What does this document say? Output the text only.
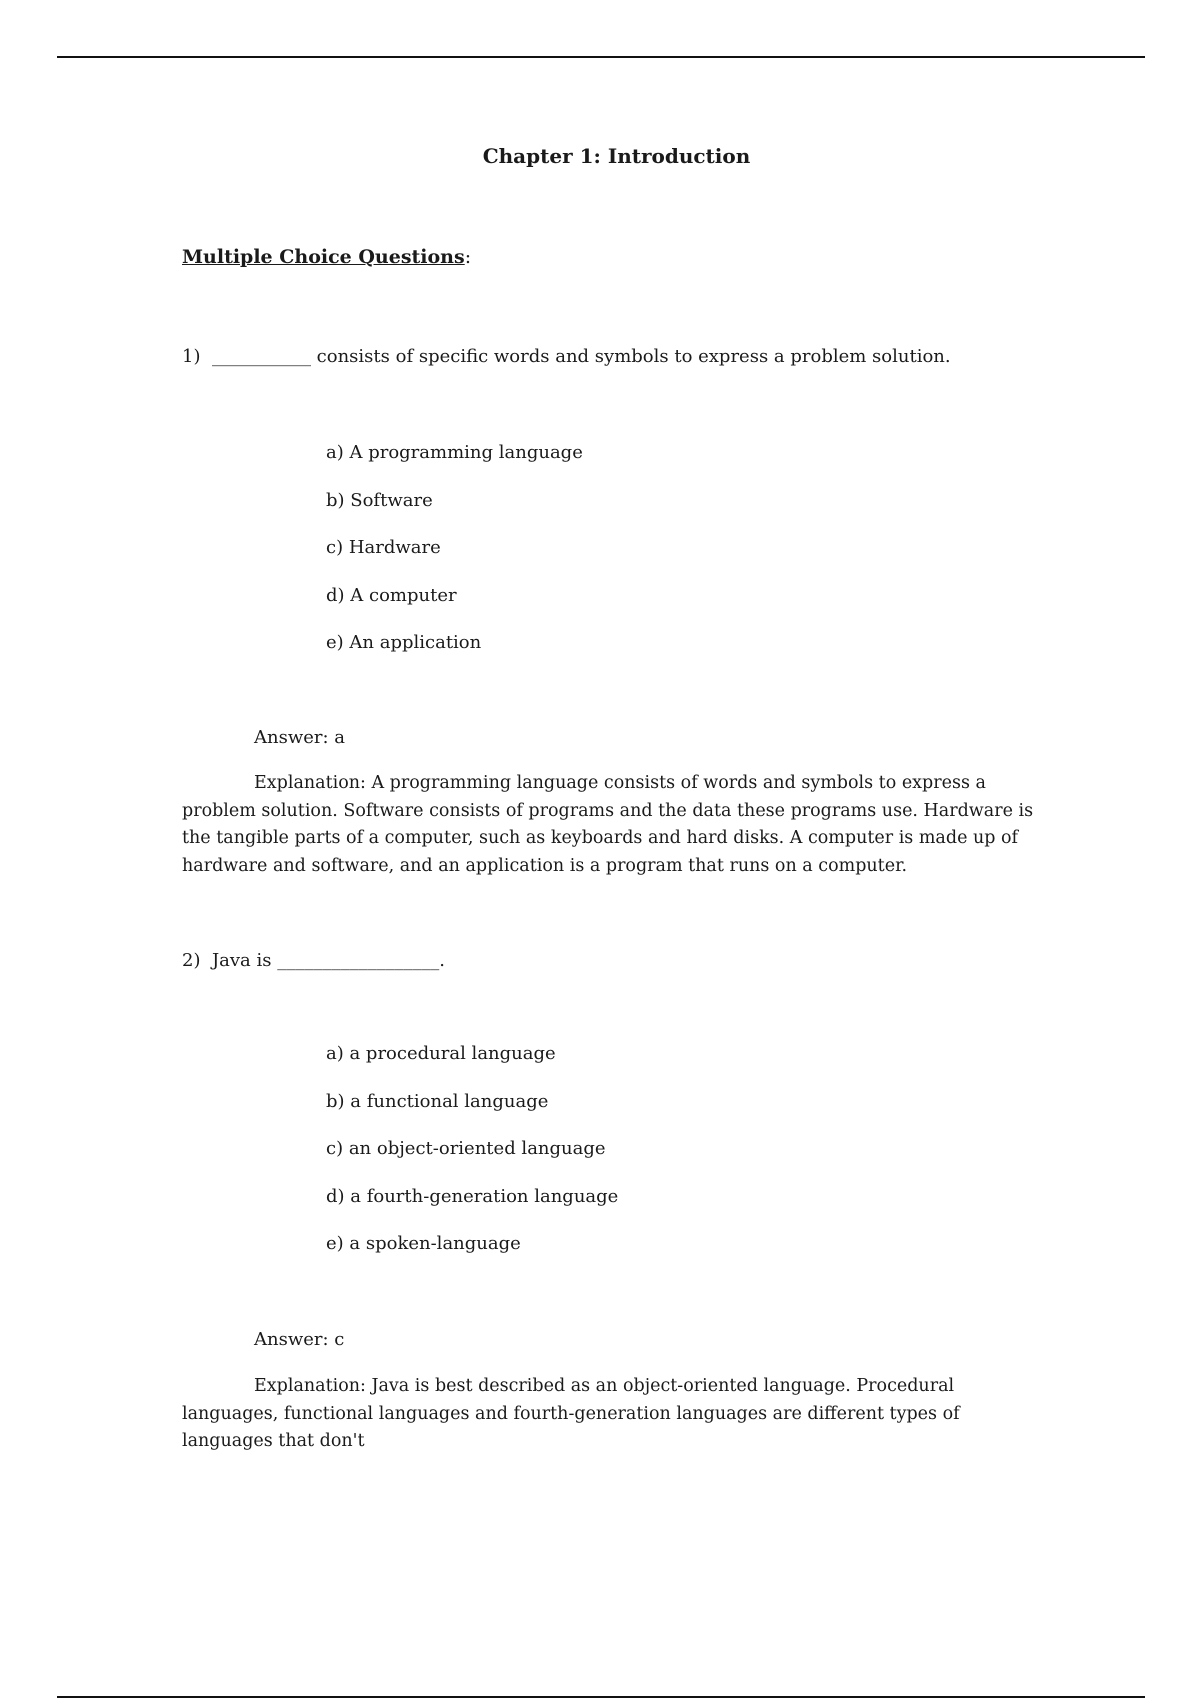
Chapter 1: Introduction
Multiple Choice Questions:
1) ___________ consists of specific words and symbols to express a problem solution.
a) A programming language
b) Software
c) Hardware
d) A computer
e) An application
Answer: a
Explanation: A programming language consists of words and symbols to express a problem solution. Software consists of programs and the data these programs use. Hardware is the tangible parts of a computer, such as keyboards and hard disks. A computer is made up of hardware and software, and an application is a program that runs on a computer.
2) Java is __________________.
a) a procedural language
b) a functional language
c) an object-oriented language
d) a fourth-generation language
e) a spoken-language
Answer: c
Explanation: Java is best described as an object-oriented language. Procedural languages, functional languages and fourth-generation languages are different types of languages that don't
